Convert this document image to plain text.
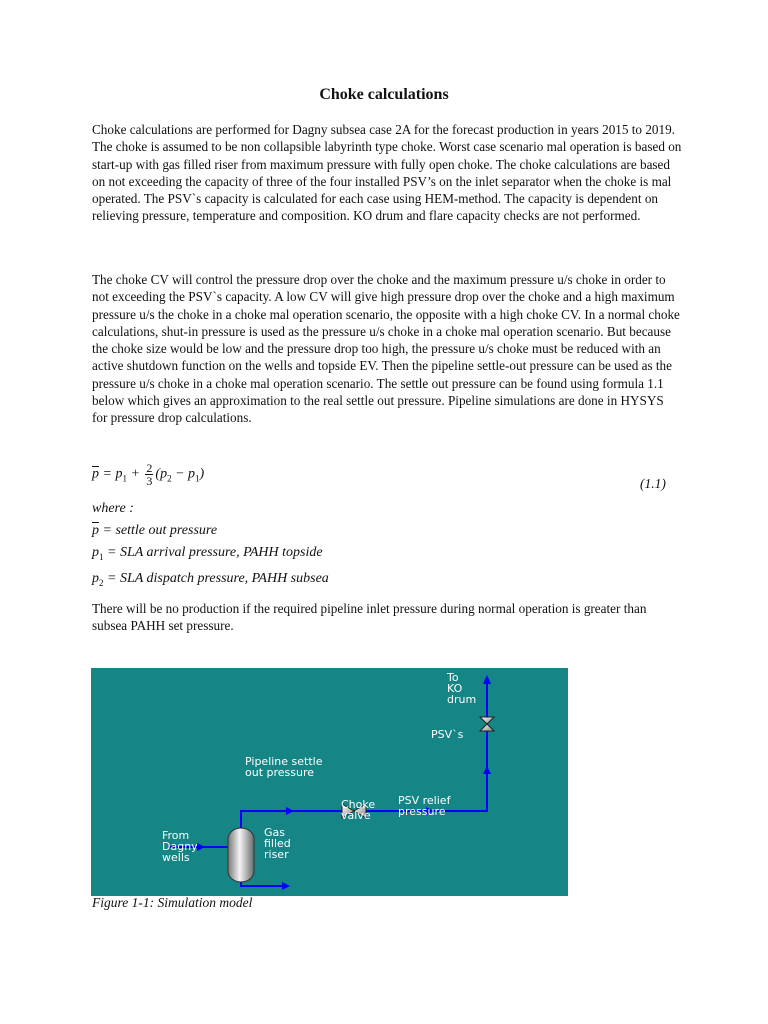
Choke calculations
Choke calculations are performed for Dagny subsea case 2A for the forecast production in years 2015 to 2019. The choke is assumed to be non collapsible labyrinth type choke. Worst case scenario mal operation is based on start-up with gas filled riser from maximum pressure with fully open choke. The choke calculations are based on not exceeding the capacity of three of the four installed PSV’s on the inlet separator when the choke is mal operated. The PSV`s capacity is calculated for each case using HEM-method. The capacity is dependent on relieving pressure, temperature and composition. KO drum and flare capacity checks are not performed.
The choke CV will control the pressure drop over the choke and the maximum pressure u/s choke in order to not exceeding the PSV`s capacity. A low CV will give high pressure drop over the choke and a high maximum pressure u/s the choke in a choke mal operation scenario, the opposite with a high choke CV. In a normal choke calculations, shut-in pressure is used as the pressure u/s choke in a choke mal operation scenario. But because the choke size would be low and the pressure drop too high, the pressure u/s choke must be reduced with an active shutdown function on the wells and topside EV. Then the pipeline settle-out pressure can be used as the pressure u/s choke in a choke mal operation scenario. The settle out pressure can be found using formula 1.1 below which gives an approximation to the real settle out pressure. Pipeline simulations are done in HYSYS for pressure drop calculations.
$\overline{p} = p_1 + \frac{2}{3} (p_2 - p_1)$
(1.1)
where :
$\overline{p}$ = settle out pressure
$p_1$ = SLA arrival pressure, PAHH topside
$p_2$ = SLA dispatch pressure, PAHH subsea
There will be no production if the required pipeline inlet pressure during normal operation is greater than subsea PAHH set pressure.
To
KO
drum
PSV`s
Pipeline settle
out pressure
Choke
valve
PSV relief
pressure
From
Dagny
wells
Gas
filled
riser
Figure 1-1: Simulation model
